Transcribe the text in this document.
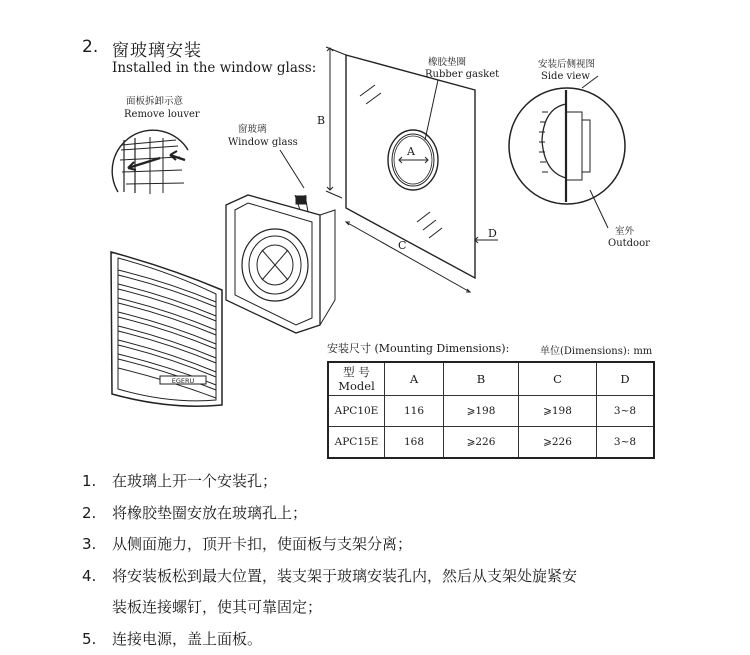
2. 窗玻璃安装
Installed in the window glass:
EGERU
面板拆卸示意
Remove louver
窗玻璃
Window glass
橡胶垫圈
Rubber gasket
安装后侧视图
Side view
室外
Outdoor
A
B
C
D
安装尺寸 (Mounting Dimensions):	单位(Dimensions): mm
型 号
Model	A	B	C	D
APC10E	116	⩾198	⩾198	3~8
APC15E	168	⩾226	⩾226	3~8
1. 在玻璃上开一个安装孔；
2. 将橡胶垫圈安放在玻璃孔上；
3. 从侧面施力，顶开卡扣，使面板与支架分离；
4. 将安装板松到最大位置，装支架于玻璃安装孔内，然后从支架处旋紧安
装板连接螺钉，使其可靠固定；
5. 连接电源，盖上面板。
